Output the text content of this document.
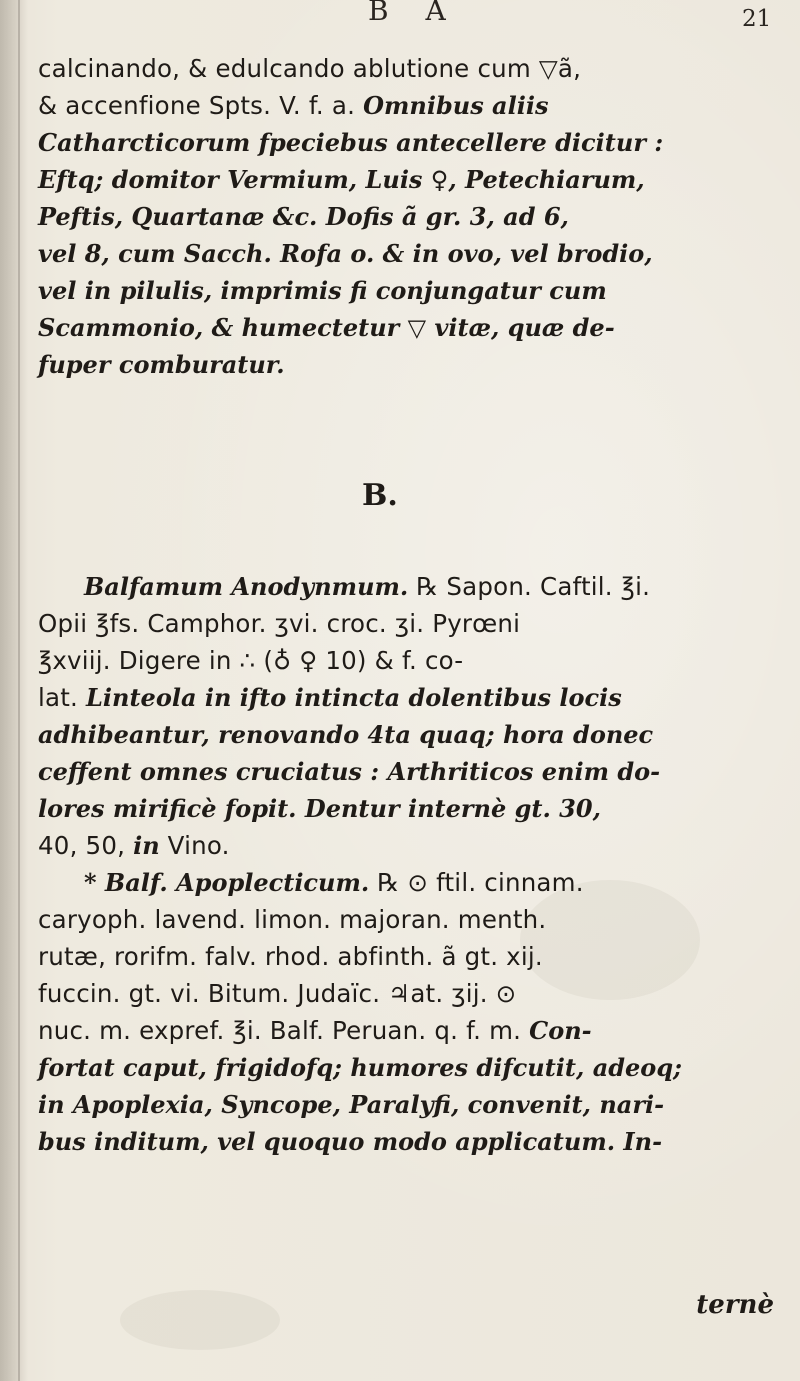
B A	21
calcinando, & edulcando ablutione cum ▽ã,
& accenfione Spts. V. f. a. Omnibus aliis
Catharcticorum fpeciebus antecellere dicitur :
Eftq; domitor Vermium, Luis ♀, Petechiarum,
Peftis, Quartanæ &c. Dofis ã gr. 3, ad 6,
vel 8, cum Sacch. Rofa o. & in ovo, vel brodio,
vel in pilulis, imprimis fi conjungatur cum
Scammonio, & humectetur ▽ vitæ, quæ de-
fuper comburatur.
B.
Balfamum Anodynmum. ℞ Sapon. Caftil. ℥i.
Opii ℥fs. Camphor. ʒvi. croc. ʒi. Pyrœni
℥xviij. Digere in ∴ (♁ ♀ 10) & f. co-
lat. Linteola in ifto intincta dolentibus locis
adhibeantur, renovando 4ta quaq; hora donec
ceffent omnes cruciatus : Arthriticos enim do-
lores mirificè fopit. Dentur internè gt. 30,
40, 50, in Vino.
* Balf. Apoplecticum. ℞ ⊙ ftil. cinnam.
caryoph. lavend. limon. majoran. menth.
rutæ, rorifm. falv. rhod. abfinth. ã gt. xij.
fuccin. gt. vi. Bitum. Judaïc. ♃at. ʒij. ⊙
nuc. m. expref. ℥i. Balf. Peruan. q. f. m. Con-
fortat caput, frigidofq; humores difcutit, adeoq;
in Apoplexia, Syncope, Paralyfi, convenit, nari-
bus inditum, vel quoquo modo applicatum. In-
ternè
